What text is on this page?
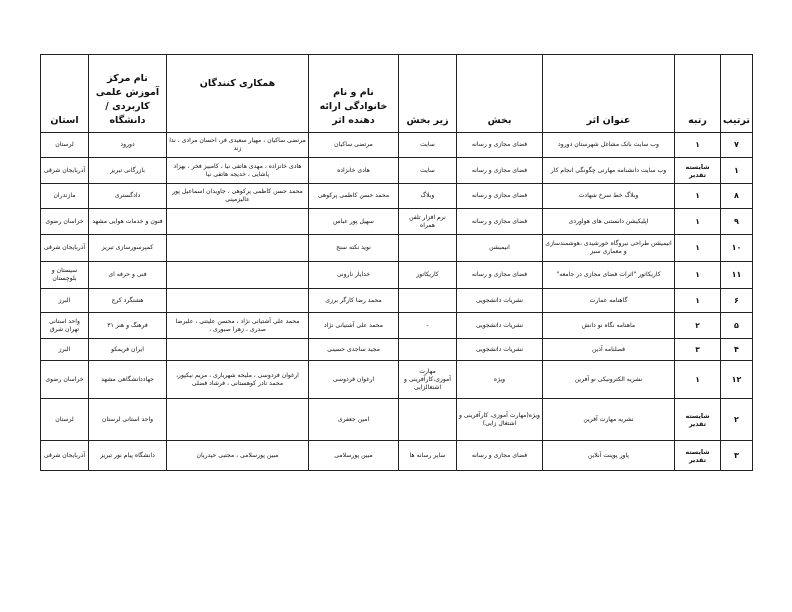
ترتیب	رتبه	عنوان اثر	بخش	زیر بخش	نام و نام خانوادگی ارائه دهنده اثر	همکاری کنندگان	نام مرکز آموزش علمی کاربردی /دانشگاه	استان
۷	۱	وب سایت بانک مشاغل شهرستان دورود	فضای مجازی و رسانه	سایت	مرتضی ساکیان	مرتضی ساکیان ، مهیار سعیدی فر، احسان مرادی ، ندا زند	دورود	لرستان
۱	شایسته تقدیر	وب سایت دانشنامه مهارتی چگونگی انجام کار	فضای مجازی و رسانه	سایت	هادی خانزاده	هادی خانزاده ، مهدی هاتفی نیا ، کامبیز فخر ، بهزاد پاشایی ، خدیجه هاتفی نیا	بازرگانی تبریز	آذربایجان شرقی
۸	۱	وبلاگ خط سرخ شهادت	فضای مجازی و رسانه	وبلاگ	محمد حسن کاظمی پرکوهی	محمد حسن کاظمی پرکوهی ، جاویدان اسماعیل پور عالیزمینی	دادگستری	مازندران
۹	۱	اپلیکیشن دانستنی های هواوردی	فضای مجازی و رسانه	نرم افزار تلفن همراه	سهیل پور عباس		فنون و خدمات هوایی مشهد	خراسان رضوی
۱۰	۱	انیمیشن طراحی نیروگاه خورشیدی ،هوشمندسازی و معماری سبز	انیمیشن		نوید نکته سنج		کمپرسورسازی تبریز	آذربایجان شرقی
۱۱	۱	کاریکاتور "اثرات فضای مجازی در جامعه"	فضای مجازی و رسانه	کاریکاتور	خدایار نارونی		فنی و حرفه ای	سیستان و بلوچستان
۶	۱	گاهنامه عمارت	نشریات دانشجویی		محمد رضا کارگر برزی		هشتگرد کرج	البرز
۵	۲	ماهنامه نگاه نو دانش	نشریات دانشجویی	-	محمد علی آشتیانی نژاد	محمد علی آشتیانی نژاد ، محسن علیتنی ، علیرضا صدری ، زهرا صبوری ،	فرهنگ و هنر ۳۱	واحد استانی تهران شرق
۴	۳	فصلنامه آذین	نشریات دانشجویی		مجید ساجدی حسینی		ایران فریمکو	البرز
۱۲	۱	نشریه الکترونیکی نو آفرین	ویژه	مهارت آموزی،کارآفرینی و اشتغالزایی	ارغوان فردوسی	ارغوان فردوسی ، ملیحه شهریاری ، مریم نیکپور، محمد نادر کوهستانی ، فرشاد فضلی	جهاددانشگاهی مشهد	خراسان رضوی
۲	شایسته تقدیر	نشریه مهارت آفرین	ویژه(مهارت آموزی، کارآفرینی و اشتغال زایی)		امین جعفری		واحد استانی لرستان	لرستان
۳	شایسته تقدیر	پاور پوینت آنلاین	فضای مجازی و رسانه	سایر رسانه ها	مبین پورسلامی	مبین پورسلامی ، مجتبی حیدریان	دانشگاه پیام نور تبریز	آذربایجان شرقی
